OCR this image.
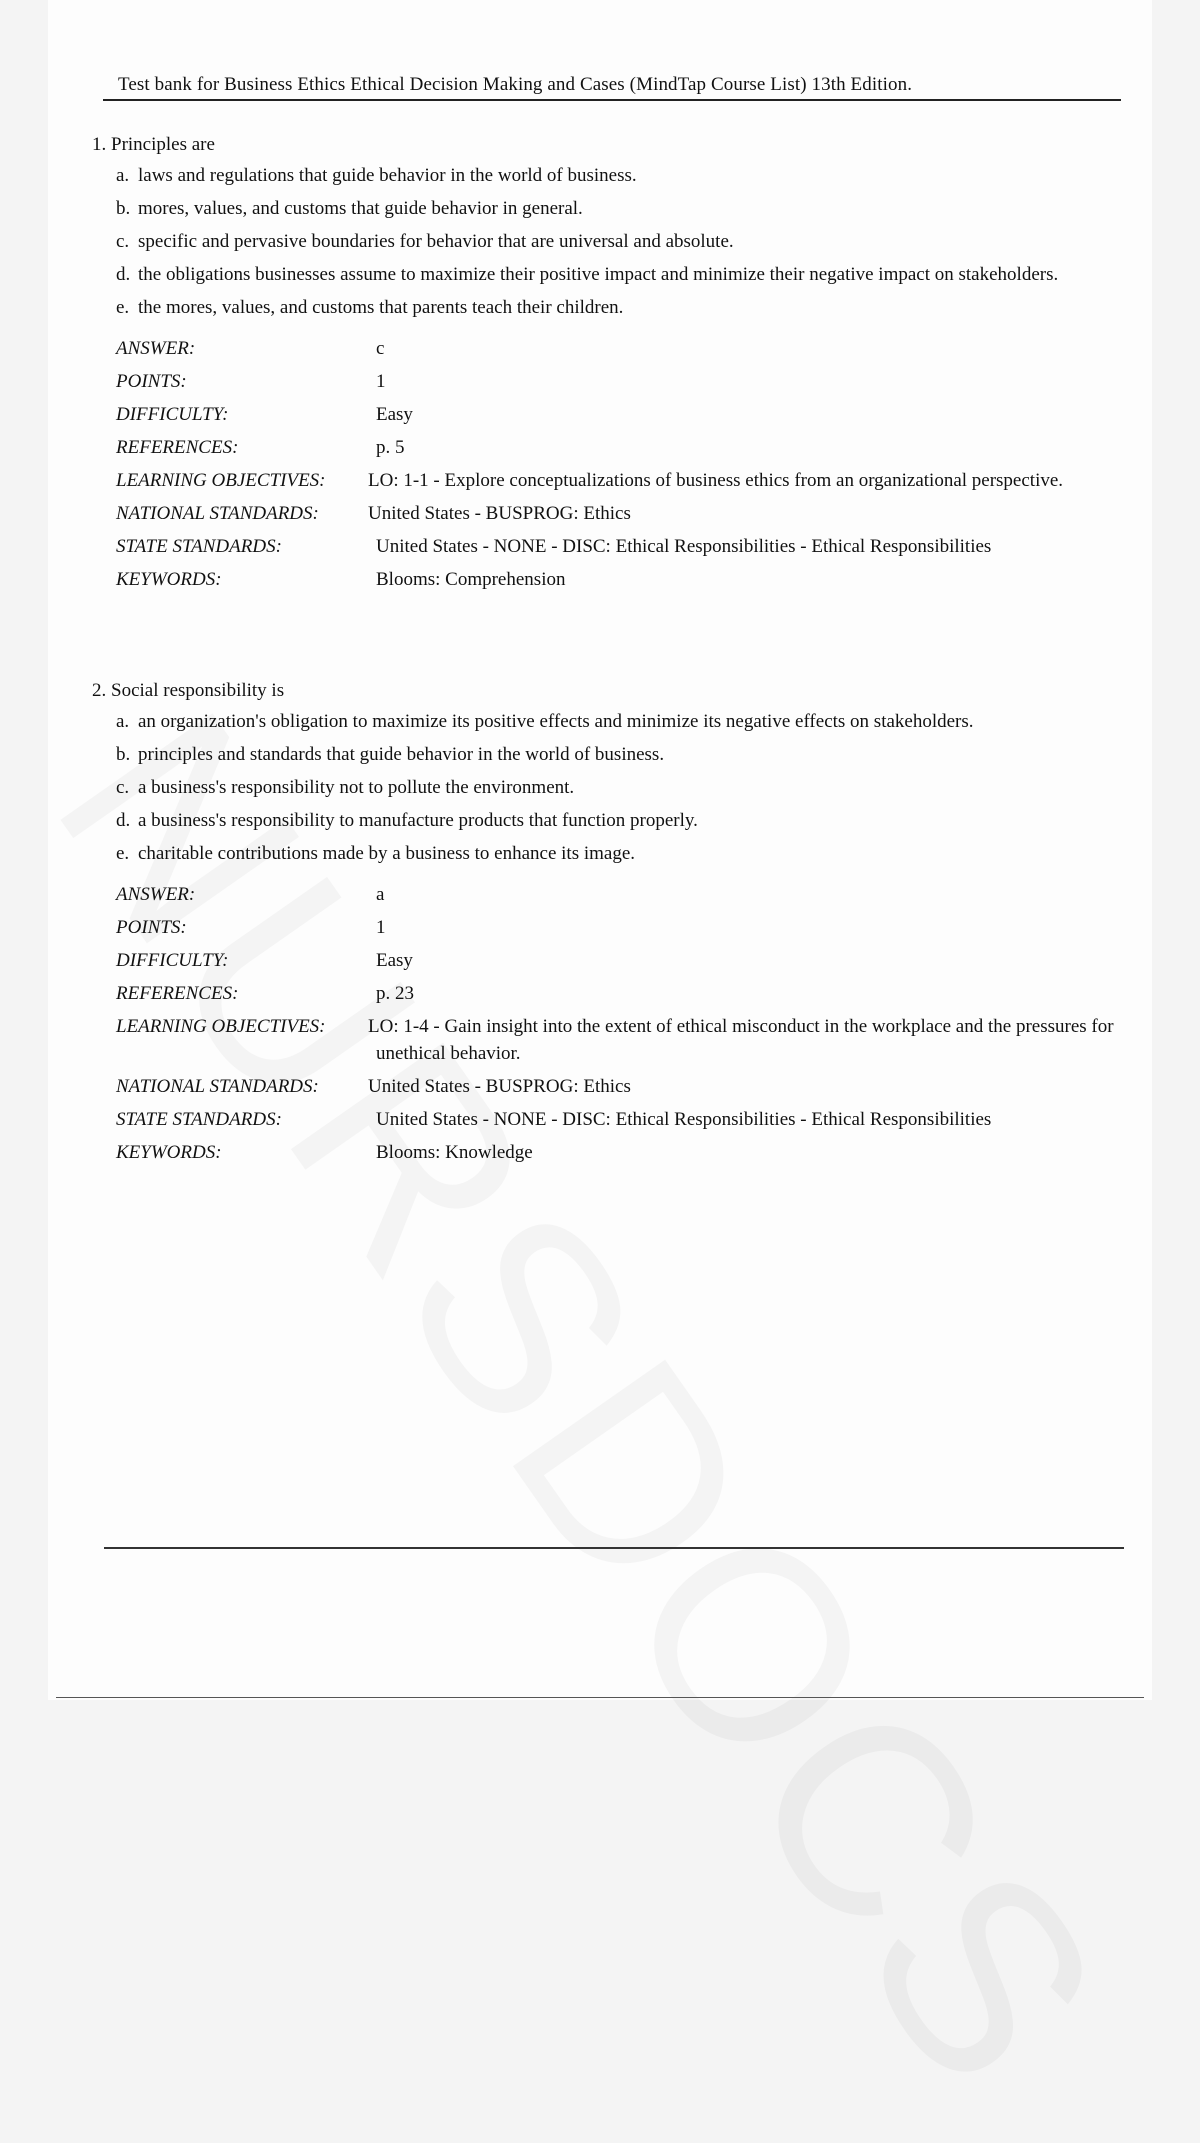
Test bank for Business Ethics Ethical Decision Making and Cases (MindTap Course List) 13th Edition.
1. Principles are
a. laws and regulations that guide behavior in the world of business.
b. mores, values, and customs that guide behavior in general.
c. specific and pervasive boundaries for behavior that are universal and absolute.
d. the obligations businesses assume to maximize their positive impact and minimize their negative impact on stakeholders.
e. the mores, values, and customs that parents teach their children.
ANSWER:	c
POINTS:	1
DIFFICULTY:	Easy
REFERENCES:	p. 5
LEARNING OBJECTIVES: LO: 1-1 - Explore conceptualizations of business ethics from an organizational perspective.
NATIONAL STANDARDS:	United States - BUSPROG: Ethics
STATE STANDARDS:	United States - NONE - DISC: Ethical Responsibilities - Ethical Responsibilities
KEYWORDS:	Blooms: Comprehension
2. Social responsibility is
a. an organization's obligation to maximize its positive effects and minimize its negative effects on stakeholders.
b. principles and standards that guide behavior in the world of business.
c. a business's responsibility not to pollute the environment.
d. a business's responsibility to manufacture products that function properly.
e. charitable contributions made by a business to enhance its image.
ANSWER:	a
POINTS:	1
DIFFICULTY:	Easy
REFERENCES:	p. 23
LEARNING OBJECTIVES: LO: 1-4 - Gain insight into the extent of ethical misconduct in the workplace and the pressures for unethical behavior.
NATIONAL STANDARDS:	United States - BUSPROG: Ethics
STATE STANDARDS:	United States - NONE - DISC: Ethical Responsibilities - Ethical Responsibilities
KEYWORDS:	Blooms: Knowledge
